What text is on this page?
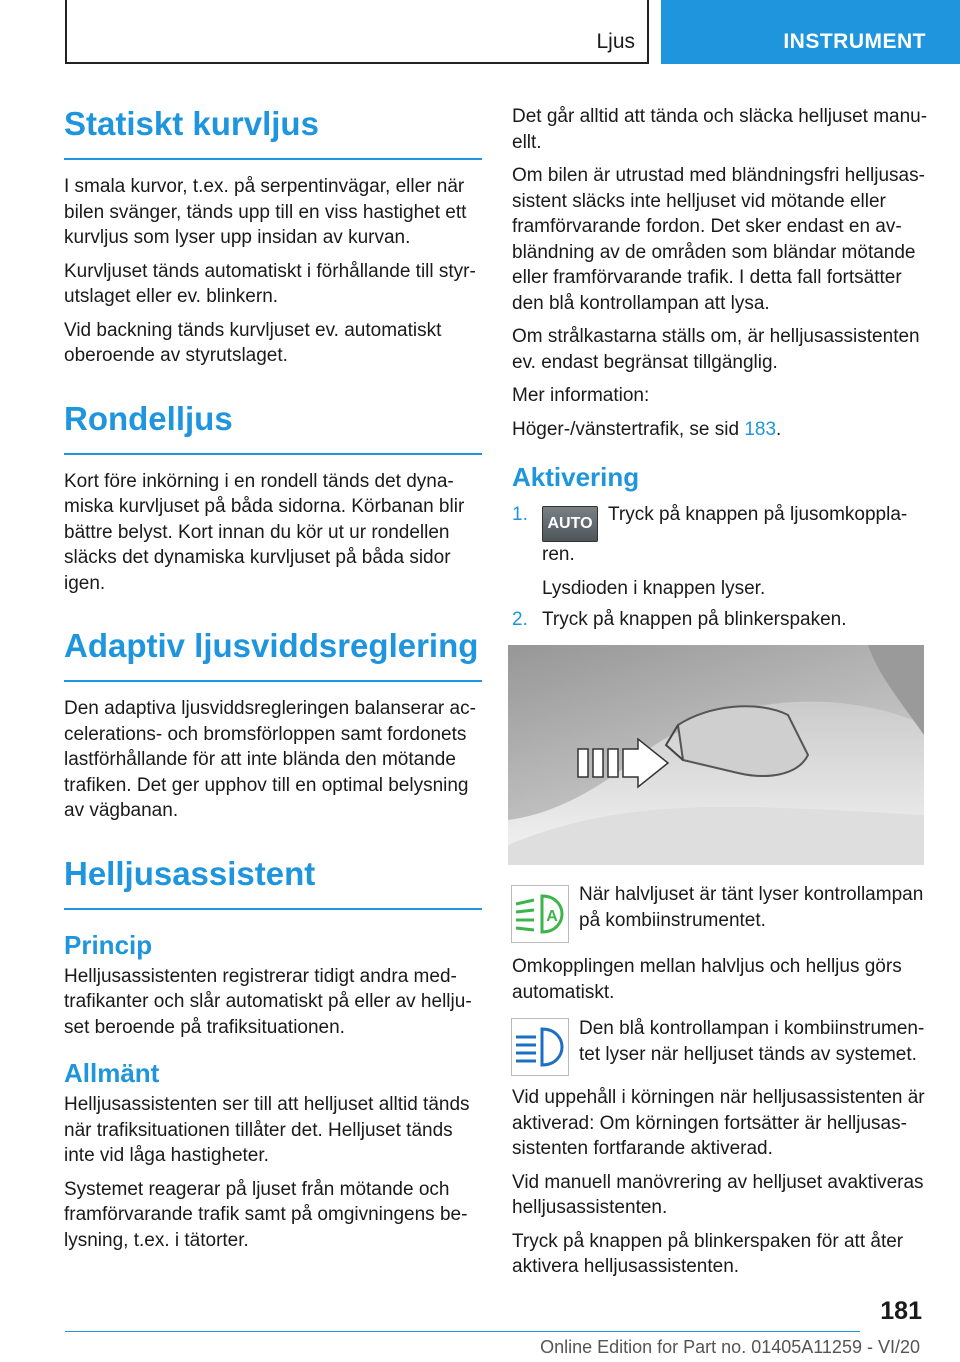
Ljus	INSTRUMENT
Statiskt kurvljus

I smala kurvor, t.ex. på serpentinvägar, eller när bilen svänger, tänds upp till en viss hastighet ett kurvljus som lyser upp insidan av kurvan.

Kurvljuset tänds automatiskt i förhållande till styrutslaget eller ev. blinkern.

Vid backning tänds kurvljuset ev. automatiskt oberoende av styrutslaget.

Rondelljus

Kort före inkörning i en rondell tänds det dynamiska kurvljuset på båda sidorna. Körbanan blir bättre belyst. Kort innan du kör ut ur rondellen släcks det dynamiska kurvljuset på båda sidor igen.

Adaptiv ljusviddsreglering

Den adaptiva ljusviddsregleringen balanserar accelerations- och bromsförloppen samt fordonets lastförhållande för att inte blända den mötande trafiken. Det ger upphov till en optimal belysning av vägbanan.

Helljusassistent
Princip

Helljusassistenten registrerar tidigt andra medtrafikanter och slår automatiskt på eller av helljuset beroende på trafiksituationen.

Allmänt

Helljusassistenten ser till att helljuset alltid tänds när trafiksituationen tillåter det. Helljuset tänds inte vid låga hastigheter.

Systemet reagerar på ljuset från mötande och framförvarande trafik samt på omgivningens belysning, t.ex. i tätorter.

Det går alltid att tända och släcka helljuset manuellt.

Om bilen är utrustad med bländningsfri helljusassistent släcks inte helljuset vid mötande eller framförvarande fordon. Det sker endast en avbländning av de områden som bländar mötande eller framförvarande trafik. I detta fall fortsätter den blå kontrollampan att lysa.

Om strålkastarna ställs om, är helljusassistenten ev. endast begränsat tillgänglig.

Mer information:

Höger-/vänstertrafik, se sid 183.

Aktivering
1. AUTO Tryck på knappen på ljusomkopplaren.
Lysdioden i knappen lyser.
2. Tryck på knappen på blinkerspaken.
A
När halvljuset är tänt lyser kontrollampan på kombiinstrumentet.
Omkopplingen mellan halvljus och helljus görs automatiskt.
Den blå kontrollampan i kombiinstrumentet lyser när helljuset tänds av systemet.

Vid uppehåll i körningen när helljusassistenten är aktiverad: Om körningen fortsätter är helljusassistenten fortfarande aktiverad.

Vid manuell manövrering av helljuset avaktiveras helljusassistenten.

Tryck på knappen på blinkerspaken för att åter aktivera helljusassistenten.

181
Online Edition for Part no. 01405A11259 - VI/20
